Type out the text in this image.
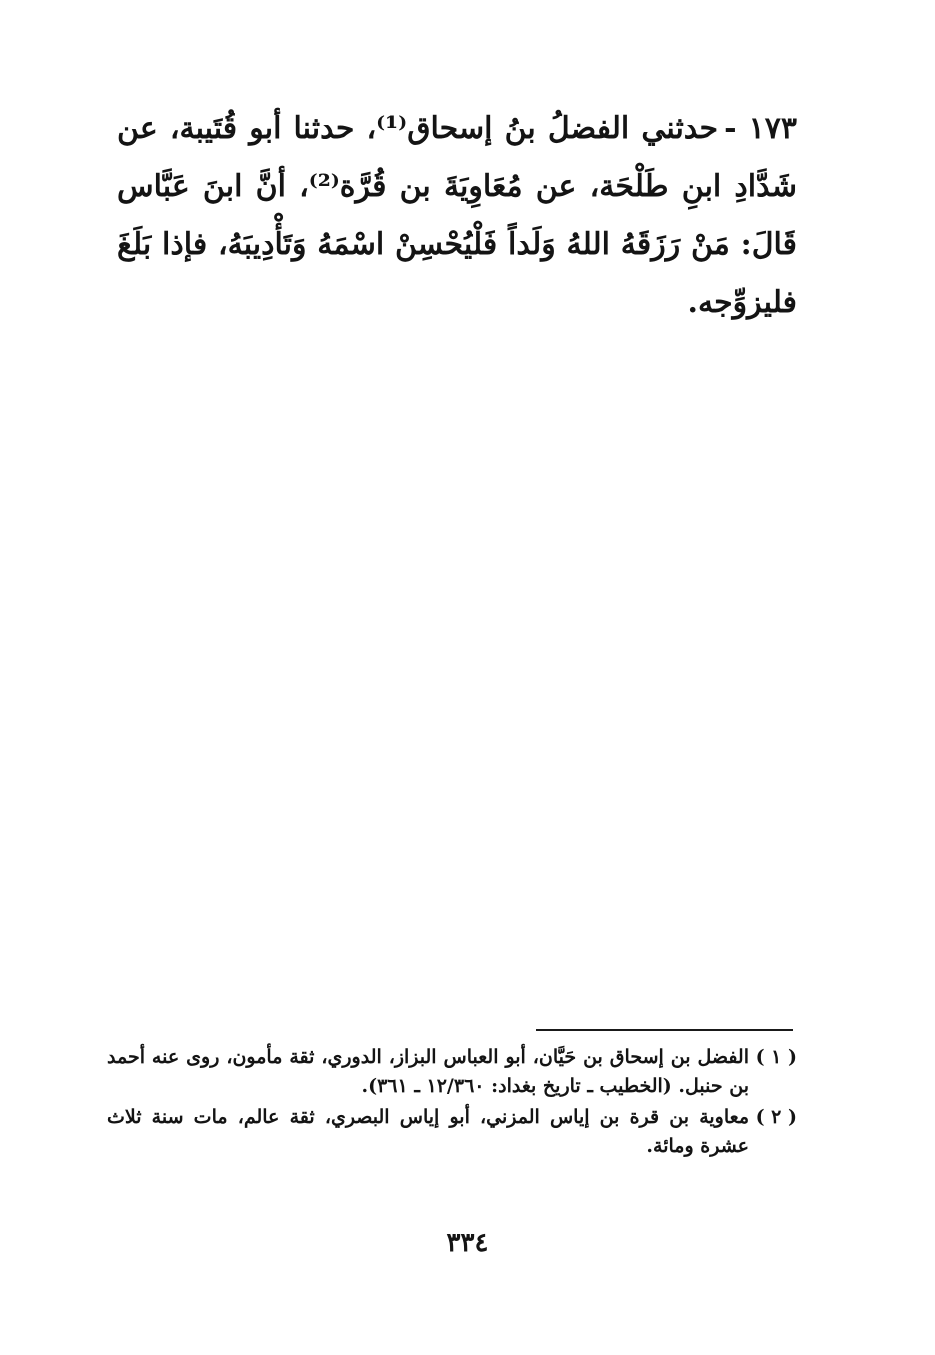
١٧٣ -حدثني الفضلُ بنُ إسحاق⁽¹⁾، حدثنا أبو قُتَيبة، عن شَدَّادِ ابنِ طَلْحَة، عن مُعَاوِيَةَ بن قُرَّة⁽²⁾، أنَّ ابنَ عَبَّاس قَالَ: مَنْ رَزَقَهُ اللهُ وَلَداً فَلْيُحْسِنْ اسْمَهُ وَتَأْدِيبَهُ، فإذا بَلَغَ فليزوِّجه.

( ١ )
الفضل بن إسحاق بن حَيَّان، أبو العباس البزاز، الدوري، ثقة مأمون، روى عنه أحمد بن حنبل. (الخطيب ـ تاريخ بغداد: ١٢/٣٦٠ ـ ٣٦١).
( ٢ )
معاوية بن قرة بن إياس المزني، أبو إياس البصري، ثقة عالم، مات سنة ثلاث عشرة ومائة.
٣٣٤
